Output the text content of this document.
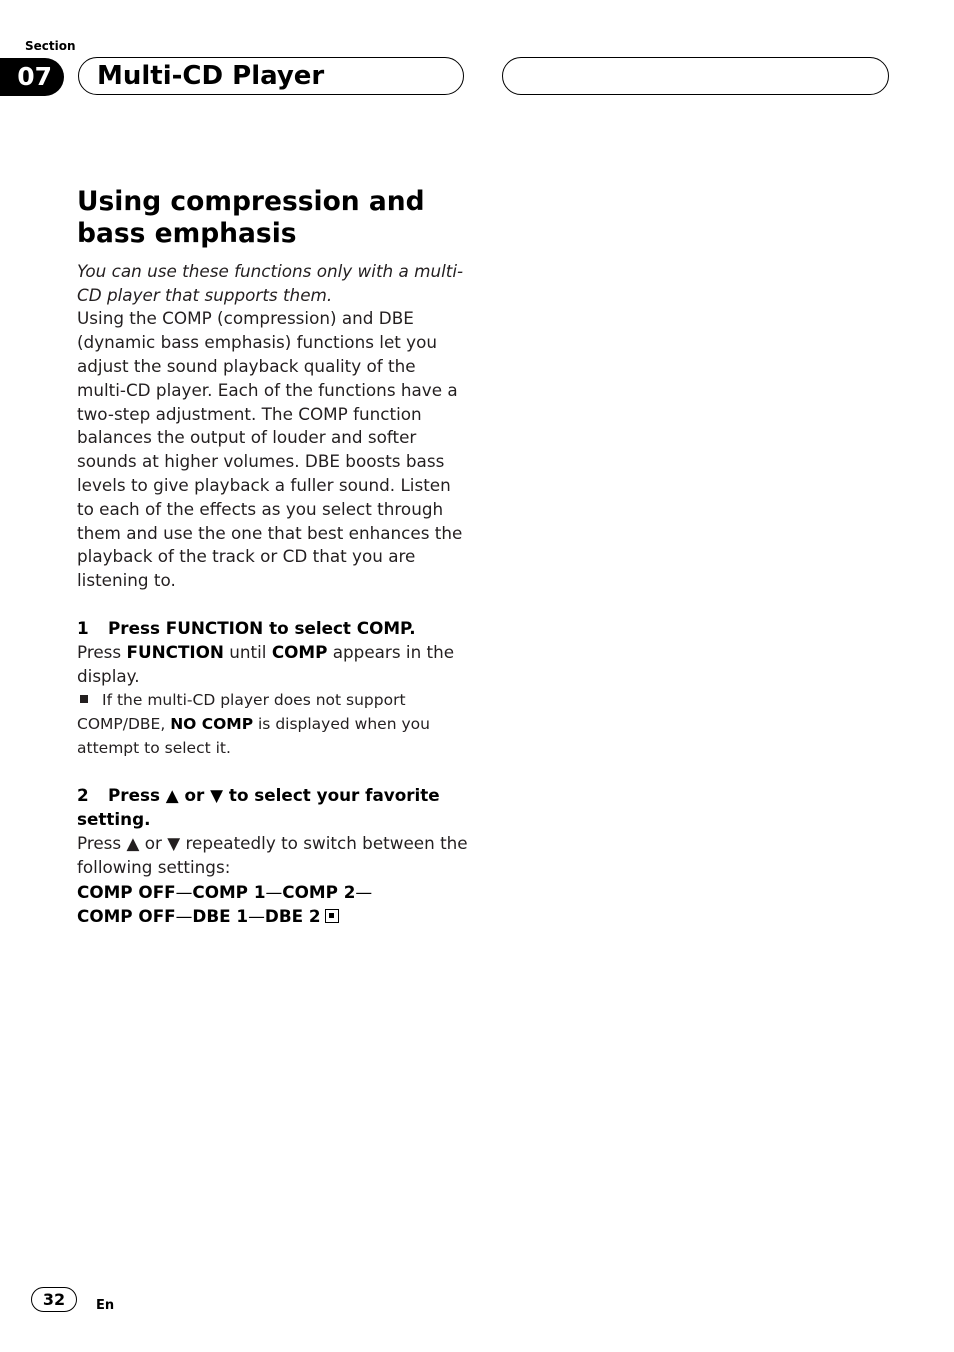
Section
07	Multi-CD Player
Using compression and
bass emphasis

You can use these functions only with a multi-CD player that supports them.

Using the COMP (compression) and DBE (dynamic bass emphasis) functions let you adjust the sound playback quality of the multi-CD player. Each of the functions have a two-step adjustment. The COMP function balances the output of louder and softer sounds at higher volumes. DBE boosts bass levels to give playback a fuller sound. Listen to each of the effects as you select through them and use the one that best enhances the playback of the track or CD that you are listening to.

1 Press FUNCTION to select COMP.

Press FUNCTION until COMP appears in the display.

If the multi-CD player does not support COMP/DBE, NO COMP is displayed when you attempt to select it.

2 Press ▲ or ▼ to select your favorite setting.

Press ▲ or ▼ repeatedly to switch between the following settings:

COMP OFF—COMP 1—COMP 2—
COMP OFF—DBE 1—DBE 2

32	En
